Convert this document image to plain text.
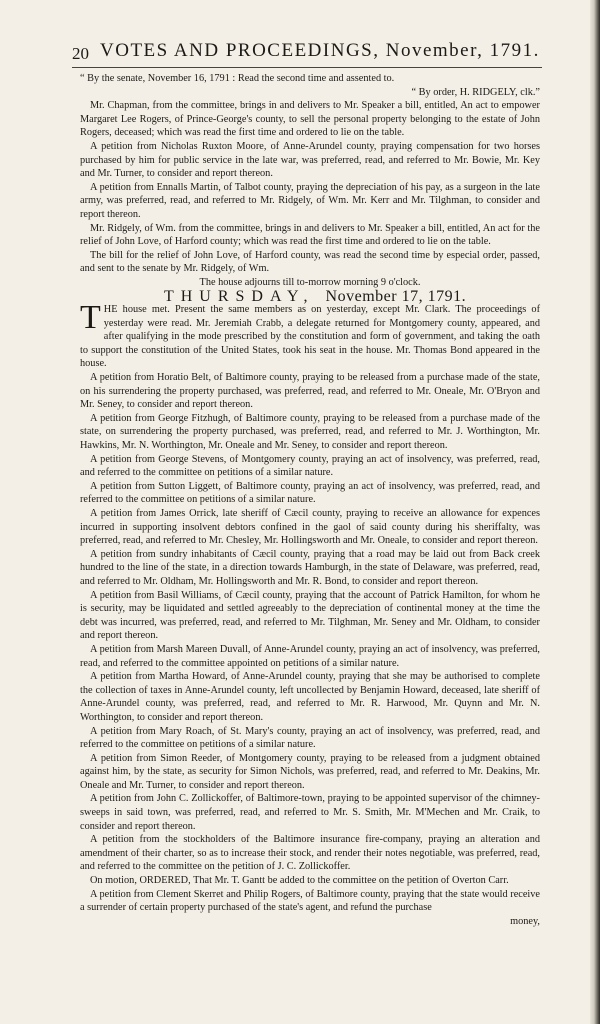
20 VOTES AND PROCEEDINGS, November, 1791.

“ By the senate, November 16, 1791 : Read the second time and assented to.

“ By order, H. RIDGELY, clk.”

Mr. Chapman, from the committee, brings in and delivers to Mr. Speaker a bill, entitled, An act to empower Margaret Lee Rogers, of Prince-George's county, to sell the personal property belonging to the estate of John Rogers, deceased; which was read the first time and ordered to lie on the table.

A petition from Nicholas Ruxton Moore, of Anne-Arundel county, praying compensation for two horses purchased by him for public service in the late war, was preferred, read, and referred to Mr. Bowie, Mr. Key and Mr. Turner, to consider and report thereon.

A petition from Ennalls Martin, of Talbot county, praying the depreciation of his pay, as a surgeon in the late army, was preferred, read, and referred to Mr. Ridgely, of Wm. Mr. Kerr and Mr. Tilghman, to consider and report thereon.

Mr. Ridgely, of Wm. from the committee, brings in and delivers to Mr. Speaker a bill, entitled, An act for the relief of John Love, of Harford county; which was read the first time and ordered to lie on the table.

The bill for the relief of John Love, of Harford county, was read the second time by especial order, passed, and sent to the senate by Mr. Ridgely, of Wm.

The house adjourns till to-morrow morning 9 o'clock.

THURSDAY, November 17, 1791.

THE house met. Present the same members as on yesterday, except Mr. Clark. The proceedings of yesterday were read. Mr. Jeremiah Crabb, a delegate returned for Montgomery county, appeared, and after qualifying in the mode prescribed by the constitution and form of government, and taking the oath to support the constitution of the United States, took his seat in the house. Mr. Thomas Bond appeared in the house.

A petition from Horatio Belt, of Baltimore county, praying to be released from a purchase made of the state, on his surrendering the property purchased, was preferred, read, and referred to Mr. Oneale, Mr. O'Bryon and Mr. Seney, to consider and report thereon.

A petition from George Fitzhugh, of Baltimore county, praying to be released from a purchase made of the state, on surrendering the property purchased, was preferred, read, and referred to Mr. J. Worthington, Mr. Hawkins, Mr. N. Worthington, Mr. Oneale and Mr. Seney, to consider and report thereon.

A petition from George Stevens, of Montgomery county, praying an act of insolvency, was preferred, read, and referred to the committee on petitions of a similar nature.

A petition from Sutton Liggett, of Baltimore county, praying an act of insolvency, was preferred, read, and referred to the committee on petitions of a similar nature.

A petition from James Orrick, late sheriff of Cæcil county, praying to receive an allowance for expences incurred in supporting insolvent debtors confined in the gaol of said county during his sheriffalty, was preferred, read, and referred to Mr. Chesley, Mr. Hollingsworth and Mr. Oneale, to consider and report thereon.

A petition from sundry inhabitants of Cæcil county, praying that a road may be laid out from Back creek hundred to the line of the state, in a direction towards Hamburgh, in the state of Delaware, was preferred, read, and referred to Mr. Oldham, Mr. Hollingsworth and Mr. R. Bond, to consider and report thereon.

A petition from Basil Williams, of Cæcil county, praying that the account of Patrick Hamilton, for whom he is security, may be liquidated and settled agreeably to the depreciation of continental money at the time the debt was incurred, was preferred, read, and referred to Mr. Tilghman, Mr. Seney and Mr. Oldham, to consider and report thereon.

A petition from Marsh Mareen Duvall, of Anne-Arundel county, praying an act of insolvency, was preferred, read, and referred to the committee appointed on petitions of a similar nature.

A petition from Martha Howard, of Anne-Arundel county, praying that she may be authorised to complete the collection of taxes in Anne-Arundel county, left uncollected by Benjamin Howard, deceased, late sheriff of Anne-Arundel county, was preferred, read, and referred to Mr. R. Harwood, Mr. Quynn and Mr. N. Worthington, to consider and report thereon.

A petition from Mary Roach, of St. Mary's county, praying an act of insolvency, was preferred, read, and referred to the committee on petitions of a similar nature.

A petition from Simon Reeder, of Montgomery county, praying to be released from a judgment obtained against him, by the state, as security for Simon Nichols, was preferred, read, and referred to Mr. Deakins, Mr. Oneale and Mr. Turner, to consider and report thereon.

A petition from John C. Zollickoffer, of Baltimore-town, praying to be appointed supervisor of the chimney-sweeps in said town, was preferred, read, and referred to Mr. S. Smith, Mr. M'Mechen and Mr. Craik, to consider and report thereon.

A petition from the stockholders of the Baltimore insurance fire-company, praying an alteration and amendment of their charter, so as to increase their stock, and render their notes negotiable, was preferred, read, and referred to the committee on the petition of J. C. Zollickoffer.

On motion, ORDERED, That Mr. T. Gantt be added to the committee on the petition of Overton Carr.

A petition from Clement Skerret and Philip Rogers, of Baltimore county, praying that the state would receive a surrender of certain property purchased of the state's agent, and refund the purchase

money,
